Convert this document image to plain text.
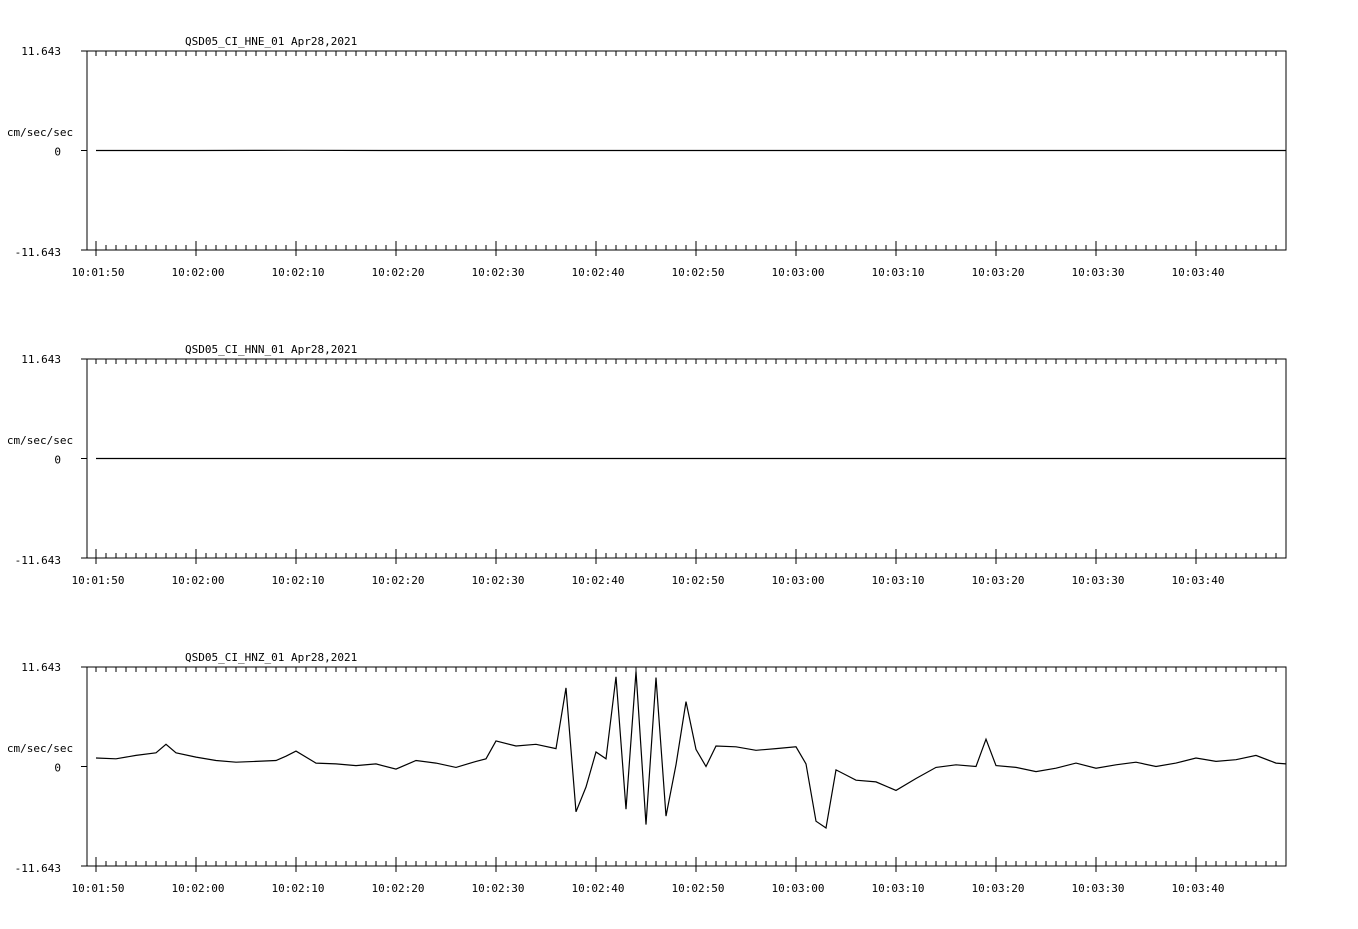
QSD05_CI_HNE_01 Apr28,2021
11.643
0
-11.643
cm/sec/sec
10:01:50	10:02:00	10:02:10	10:02:20	10:02:30	10:02:40	10:02:50	10:03:00	10:03:10	10:03:20	10:03:30	10:03:40
QSD05_CI_HNN_01 Apr28,2021
11.643
0
-11.643
cm/sec/sec
10:01:50	10:02:00	10:02:10	10:02:20	10:02:30	10:02:40	10:02:50	10:03:00	10:03:10	10:03:20	10:03:30	10:03:40
QSD05_CI_HNZ_01 Apr28,2021
11.643
0
-11.643
cm/sec/sec
10:01:50	10:02:00	10:02:10	10:02:20	10:02:30	10:02:40	10:02:50	10:03:00	10:03:10	10:03:20	10:03:30	10:03:40
